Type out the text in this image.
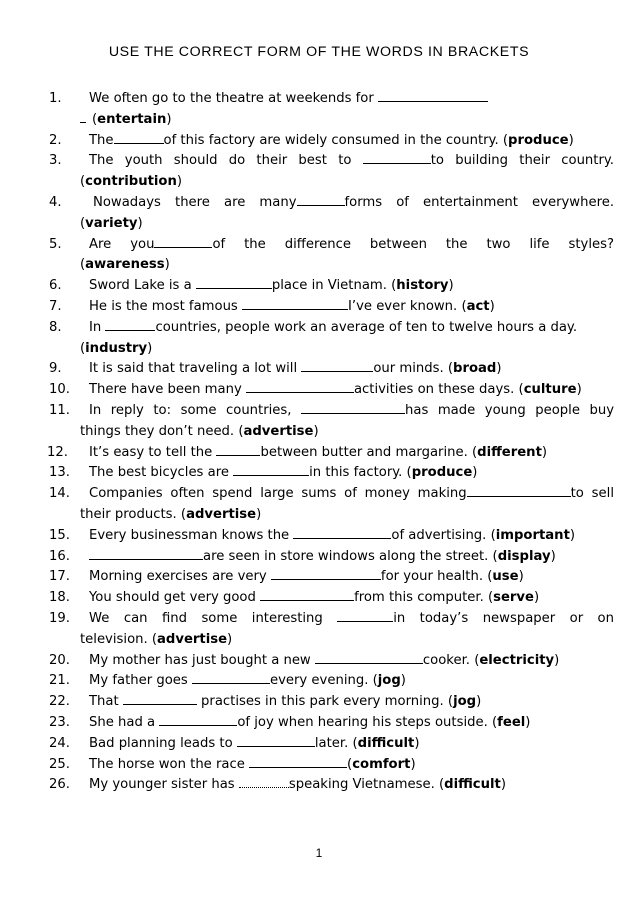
USE THE CORRECT FORM OF THE WORDS IN BRACKETS
1.	We often go to the theatre at weekends for
(entertain)
2.	The	of this factory are widely consumed in the country. (produce)
3.	The youth should do their best to	to building their country.
(contribution)
4.	Nowadays there are many	forms of entertainment everywhere.
(variety)
5.	Are you	of the difference between the two life styles?
(awareness)
6.	Sword Lake is a	place in Vietnam. (history)
7.	He is the most famous	I’ve ever known. (act)
8.	In	countries, people work an average of ten to twelve hours a day.
(industry)
9.	It is said that traveling a lot will	our minds. (broad)
10.	There have been many	activities on these days. (culture)
11.	In reply to: some countries,	has made young people buy
things they don’t need. (advertise)
12.	It’s easy to tell the	between butter and margarine. (different)
13.	The best bicycles are	in this factory. (produce)
14.	Companies often spend large sums of money making	to sell
their products. (advertise)
15.	Every businessman knows the	of advertising. (important)
16.	are seen in store windows along the street. (display)
17.	Morning exercises are very	for your health. (use)
18.	You should get very good	from this computer. (serve)
19.	We can find some interesting	in today’s newspaper or on
television. (advertise)
20.	My mother has just bought a new	cooker. (electricity)
21.	My father goes	every evening. (jog)
22.	That	practises in this park every morning. (jog)
23.	She had a	of joy when hearing his steps outside. (feel)
24.	Bad planning leads to	later. (difficult)
25.	The horse won the race	(comfort)
26.	My younger sister has	speaking Vietnamese. (difficult)
1
